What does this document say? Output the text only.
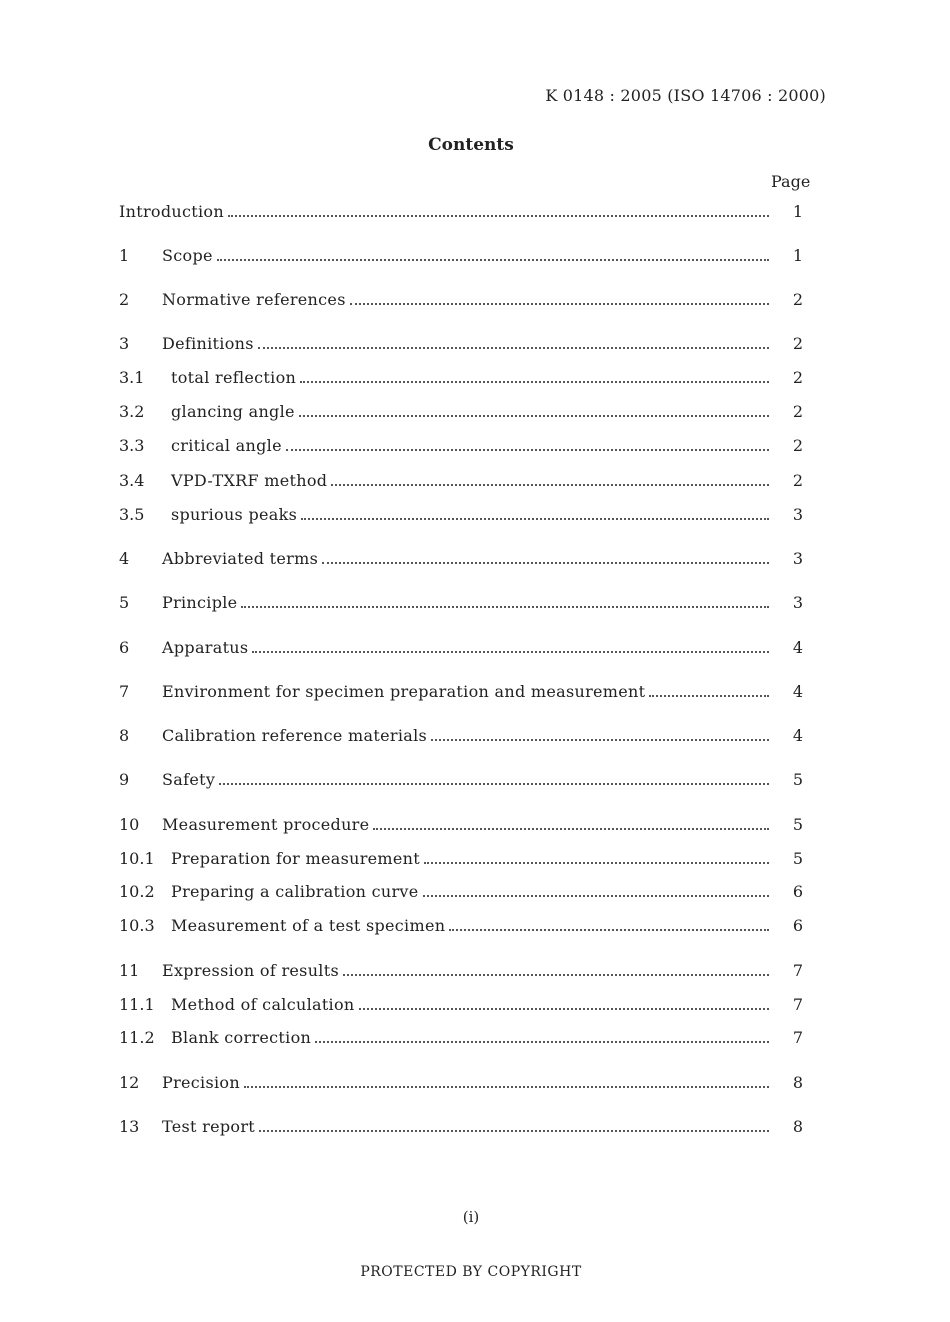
K 0148 : 2005 (ISO 14706 : 2000)
Contents
Page
Introduction	1
1	Scope	1
2	Normative references	2
3	Definitions	2
3.1	total reflection	2
3.2	glancing angle	2
3.3	critical angle	2
3.4	VPD-TXRF method	2
3.5	spurious peaks	3
4	Abbreviated terms	3
5	Principle	3
6	Apparatus	4
7	Environment for specimen preparation and measurement	4
8	Calibration reference materials	4
9	Safety	5
10	Measurement procedure	5
10.1	Preparation for measurement	5
10.2	Preparing a calibration curve	6
10.3	Measurement of a test specimen	6
11	Expression of results	7
11.1	Method of calculation	7
11.2	Blank correction	7
12	Precision	8
13	Test report	8
(i)
PROTECTED BY COPYRIGHT
